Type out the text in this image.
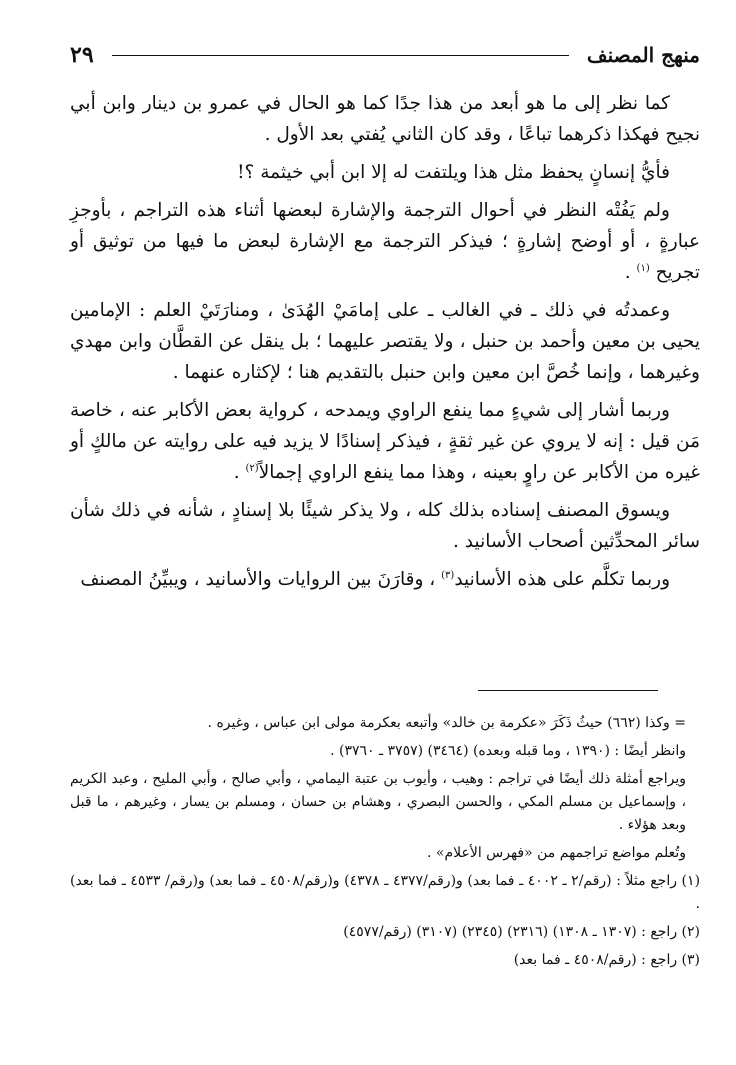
منهج المصنف
٢٩

كما نظر إلى ما هو أبعد من هذا جدًا كما هو الحال في عمرو بن دينار وابن أبي نجيح فهكذا ذكرهما تباعًا ، وقد كان الثاني يُفتي بعد الأول .

فأيُّ إنسانٍ يحفظ مثل هذا ويلتفت له إلا ابن أبي خيثمة ؟!

ولم يَفُتْه النظر في أحوال الترجمة والإشارة لبعضها أثناء هذه التراجم ، بأوجزِ عبارةٍ ، أو أوضح إشارةٍ ؛ فيذكر الترجمة مع الإشارة لبعض ما فيها من توثيق أو تجريح $^{(١)}$ .

وعمدتُه في ذلك ـ في الغالب ـ على إمامَيْ الهُدَىٰ ، ومنارَتَيْ العلم : الإمامين يحيى بن معين وأحمد بن حنبل ، ولا يقتصر عليهما ؛ بل ينقل عن القطَّان وابن مهدي وغيرهما ، وإنما خُصَّ ابن معين وابن حنبل بالتقديم هنا ؛ لإكثاره عنهما .

وربما أشار إلى شيءٍ مما ينفع الراوي ويمدحه ، كرواية بعض الأكابر عنه ، خاصة مَن قيل : إنه لا يروي عن غير ثقةٍ ، فيذكر إسنادًا لا يزيد فيه على روايته عن مالكٍ أو غيره من الأكابر عن راوٍ بعينه ، وهذا مما ينفع الراوي إجمالاً$^{(٢)}$ .

ويسوق المصنف إسناده بذلك كله ، ولا يذكر شيئًا بلا إسنادٍ ، شأنه في ذلك شأن سائر المحدِّثين أصحاب الأسانيد .

وربما تكلَّم على هذه الأسانيد$^{(٣)}$ ، وقارَنَ بين الروايات والأسانيد ، ويبيِّنُ المصنف

= وكذا (٦٦٢) حيثُ ذَكَرَ «عكرمة بن خالد» وأتبعه بعكرمة مولى ابن عباس ، وغيره .

وانظر أيضًا : (١٣٩٠ ، وما قبله وبعده) (٣٤٦٤) (٣٧٥٧ ـ ٣٧٦٠) .

ويراجع أمثلة ذلك أيضًا في تراجم : وهيب ، وأيوب بن عتبة اليمامي ، وأبي صالح ، وأبي المليح ، وعبد الكريم ، وإسماعيل بن مسلم المكي ، والحسن البصري ، وهشام بن حسان ، ومسلم بن يسار ، وغيرهم ، ما قبل وبعد هؤلاء .

وتُعلم مواضع تراجمهم من «فهرس الأعلام» .

(١) راجع مثلاً : (رقم/٢ ـ ٤٠٠٢ ـ فما بعد) و(رقم/٤٣٧٧ ـ ٤٣٧٨) و(رقم/٤٥٠٨ ـ فما بعد) و(رقم/ ٤٥٣٣ ـ فما بعد) .

(٢) راجع : (١٣٠٧ ـ ١٣٠٨) (٢٣١٦) (٢٣٤٥) (٣١٠٧) (رقم/٤٥٧٧)

(٣) راجع : (رقم/٤٥٠٨ ـ فما بعد)
